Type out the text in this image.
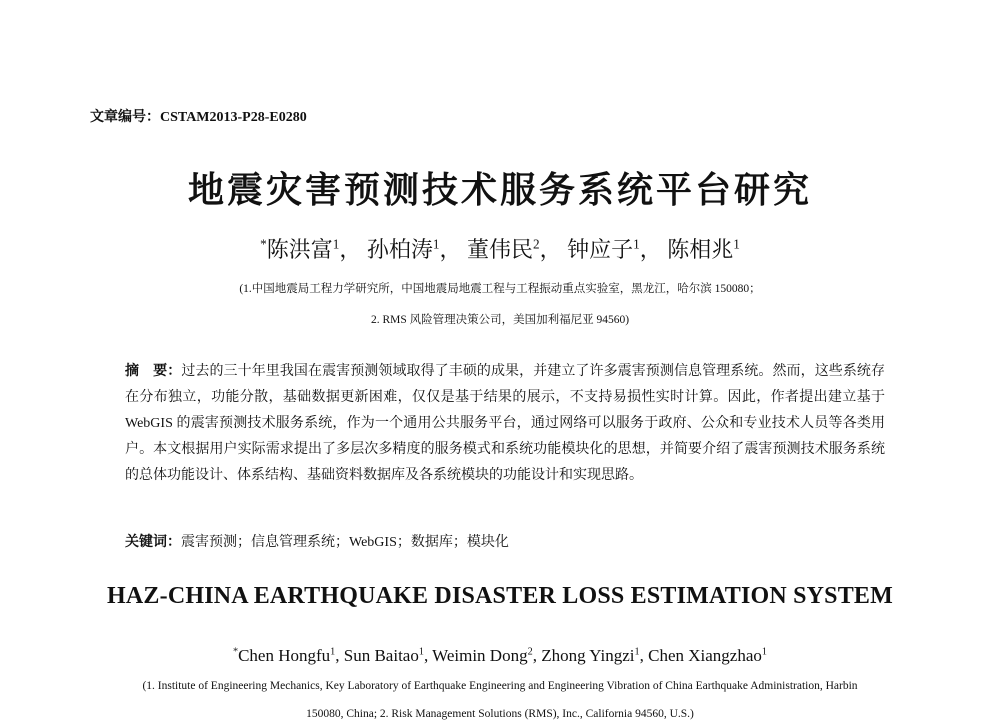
文章编号：CSTAM2013-P28-E0280
地震灾害预测技术服务系统平台研究
*陈洪富$^1$， 孙柏涛$^1$， 董伟民$^2$， 钟应子$^1$， 陈相兆$^1$
(1.中国地震局工程力学研究所，中国地震局地震工程与工程振动重点实验室，黑龙江，哈尔滨 150080；
2. RMS 风险管理决策公司，美国加利福尼亚 94560)
摘　要：过去的三十年里我国在震害预测领域取得了丰硕的成果，并建立了许多震害预测信息管理系统。然而，这些系统存在分布独立，功能分散，基础数据更新困难，仅仅是基于结果的展示，不支持易损性实时计算。因此，作者提出建立基于 WebGIS 的震害预测技术服务系统，作为一个通用公共服务平台，通过网络可以服务于政府、公众和专业技术人员等各类用户。本文根据用户实际需求提出了多层次多精度的服务模式和系统功能模块化的思想，并简要介绍了震害预测技术服务系统的总体功能设计、体系结构、基础资料数据库及各系统模块的功能设计和实现思路。
关键词：震害预测；信息管理系统；WebGIS；数据库；模块化
HAZ-CHINA EARTHQUAKE DISASTER LOSS ESTIMATION SYSTEM
*Chen Hongfu$^1$, Sun Baitao$^1$, Weimin Dong$^2$, Zhong Yingzi$^1$, Chen Xiangzhao$^1$
(1. Institute of Engineering Mechanics, Key Laboratory of Earthquake Engineering and Engineering Vibration of China Earthquake Administration, Harbin
150080, China; 2. Risk Management Solutions (RMS), Inc., California 94560, U.S.)
